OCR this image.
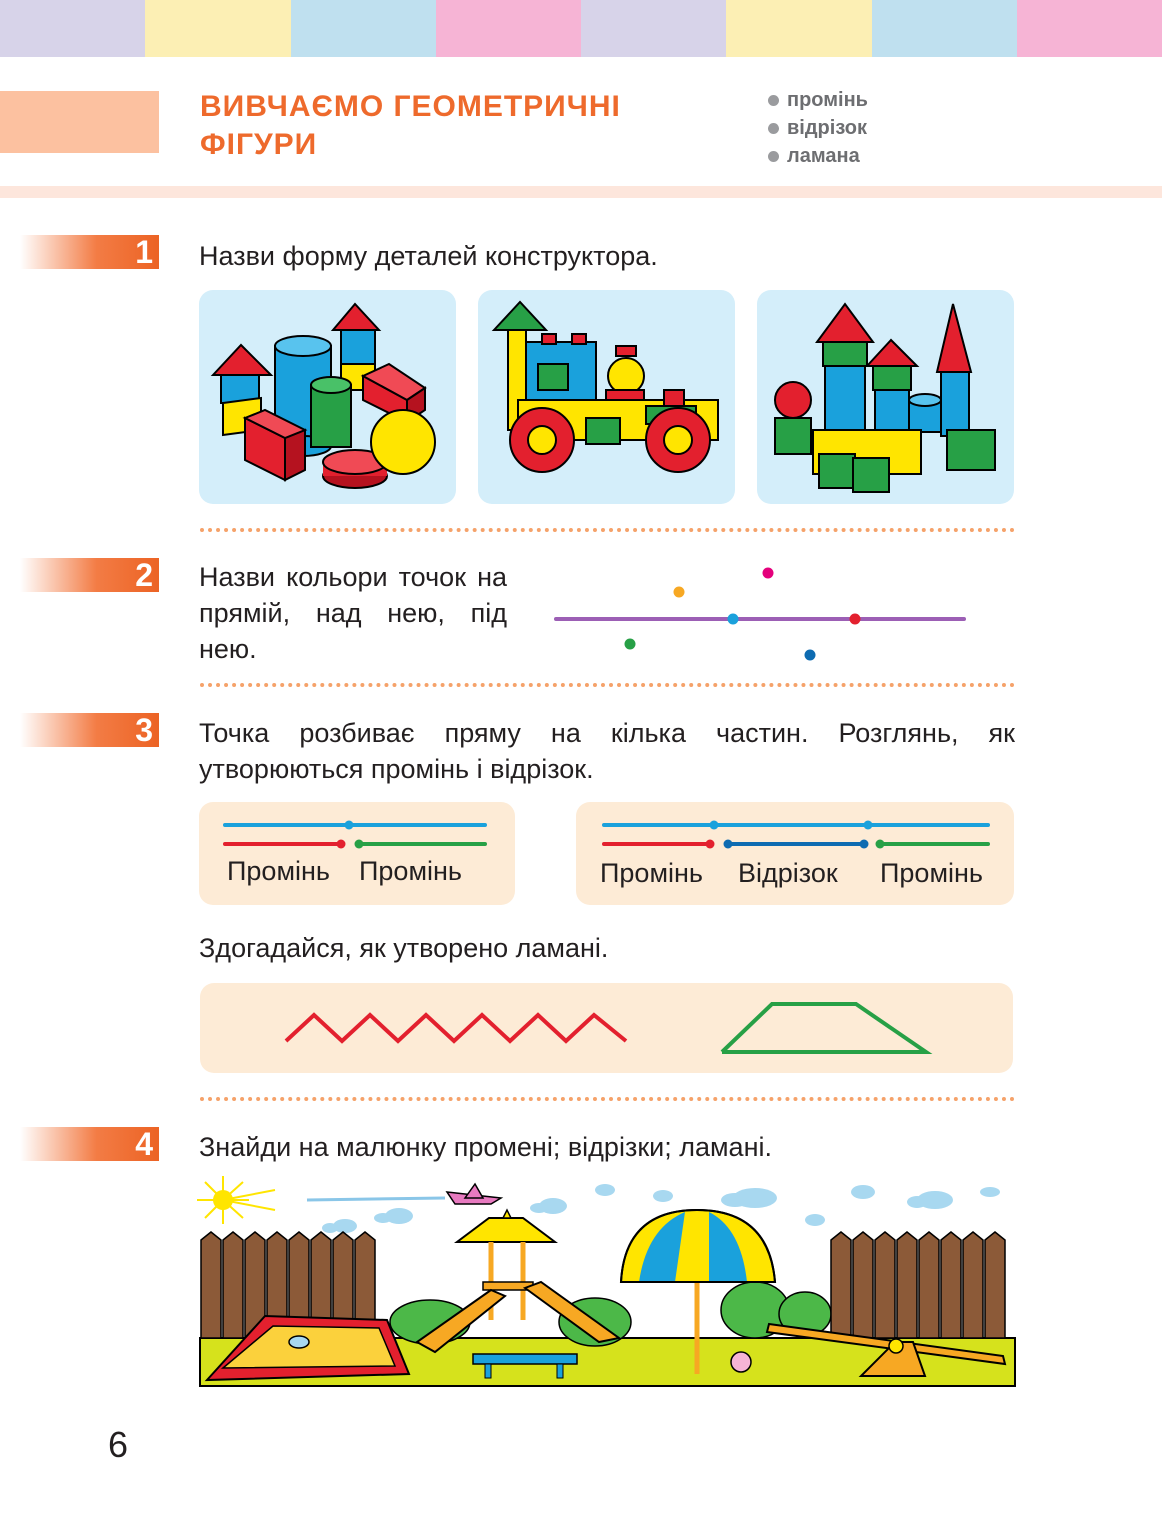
ВИВЧАЄМО ГЕОМЕТРИЧНІ ФІГУРИ
промінь
відрізок
ламана
1 Назви форму деталей конструктора.
2 Назви кольори точок на прямій, над нею, під нею.
3 Точка розбиває пряму на кілька частин. Розглянь, як утворюються промінь і відрізок.
Промінь Промінь	Промінь Відрізок Промінь
Здогадайся, як утворено ламані.
4 Знайди на малюнку промені; відрізки; ламані.
6
